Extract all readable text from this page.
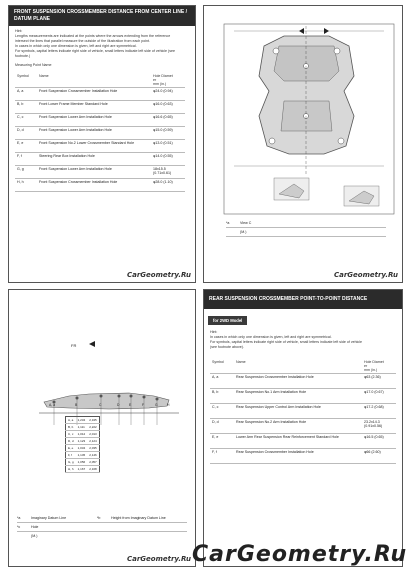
FRONT SUSPENSION CROSSMEMBER DISTANCE FROM CENTER LINE /
DATUM PLANE
Hint:
Lengths measurements are indicated at the points where the arrows extending from the reference
intersect the lines that parallel measure the outside of the illustration from each point.
In cases in which only one dimension is given, left and right are symmetrical.
For symbols, capital letters indicate right side of vehicle, small letters indicate left side of vehicle (see
footnote.)
Measuring Point Name
Symbol	Name	Hole Diamet
er
mm (in.)

A, a	Front Suspension Crossmember Installation Hole	φ24.0 (0.94)
B, b	Front Lower Frame Member Standard Hole	φ16.0 (0.63)
C, c	Front Suspension Lower Arm Installation Hole	φ16.6 (0.65)
D, d	Front Suspension Lower Arm Installation Hole	φ15.0 (0.59)
E, e	Front Suspension No.2 Lower Crossmember Standard Hole	φ13.0 (0.51)
F, f	Steering Rear Box Installation Hole	φ14.0 (0.55)
G, g	Front Suspension Lower Arm Installation Hole	18x15.5 (0.71x0.61)
H, h	Front Suspension Crossmember Installation Hole	φ28.0 (1.10)
CarGeometry.Ru
*a	View C
(M.)
CarGeometry.Ru
FR
A, a	B	C	D	E	F	G	H
A, a	1,234	2,345
B, b	1,111	2,222
C, c	1,012	2,013
D, d	1,123	2,124
E, e	1,034	2,035
F, f	1,145	2,146
G, g	1,056	2,057
H, h	1,167	2,168
*a	Imaginary Datum Line	*b	Height from Imaginary Datum Line
*c	Hole
(M.)
CarGeometry.Ru
REAR SUSPENSION CROSSMEMBER POINT-TO-POINT DISTANCE
for 2WD Model
Hint:
In cases in which only one dimension is given, left and right are symmetrical.
For symbols, capital letters indicate right side of vehicle, small letters indicate left side of vehicle
(see footnote above).
Symbol	Name	Hole Diamet
er
mm (in.)

A, a	Rear Suspension Crossmember Installation Hole	φ63 (2.36)
B, b	Rear Suspension No.1 Arm Installation Hole	φ17.0 (0.67)
C, c	Rear Suspension Upper Control Arm Installation Hole	φ17.2 (0.68)
D, d	Rear Suspension No.2 Arm Installation Hole	23.2x14.3 (0.91x0.56)
E, e	Lower Arm Rear Suspension Rear Reinforcement Standard Hole	φ16.5 (0.65)
F, f	Rear Suspension Crossmember Installation Hole	φ66 (2.60)
CarGeometry.Ru
